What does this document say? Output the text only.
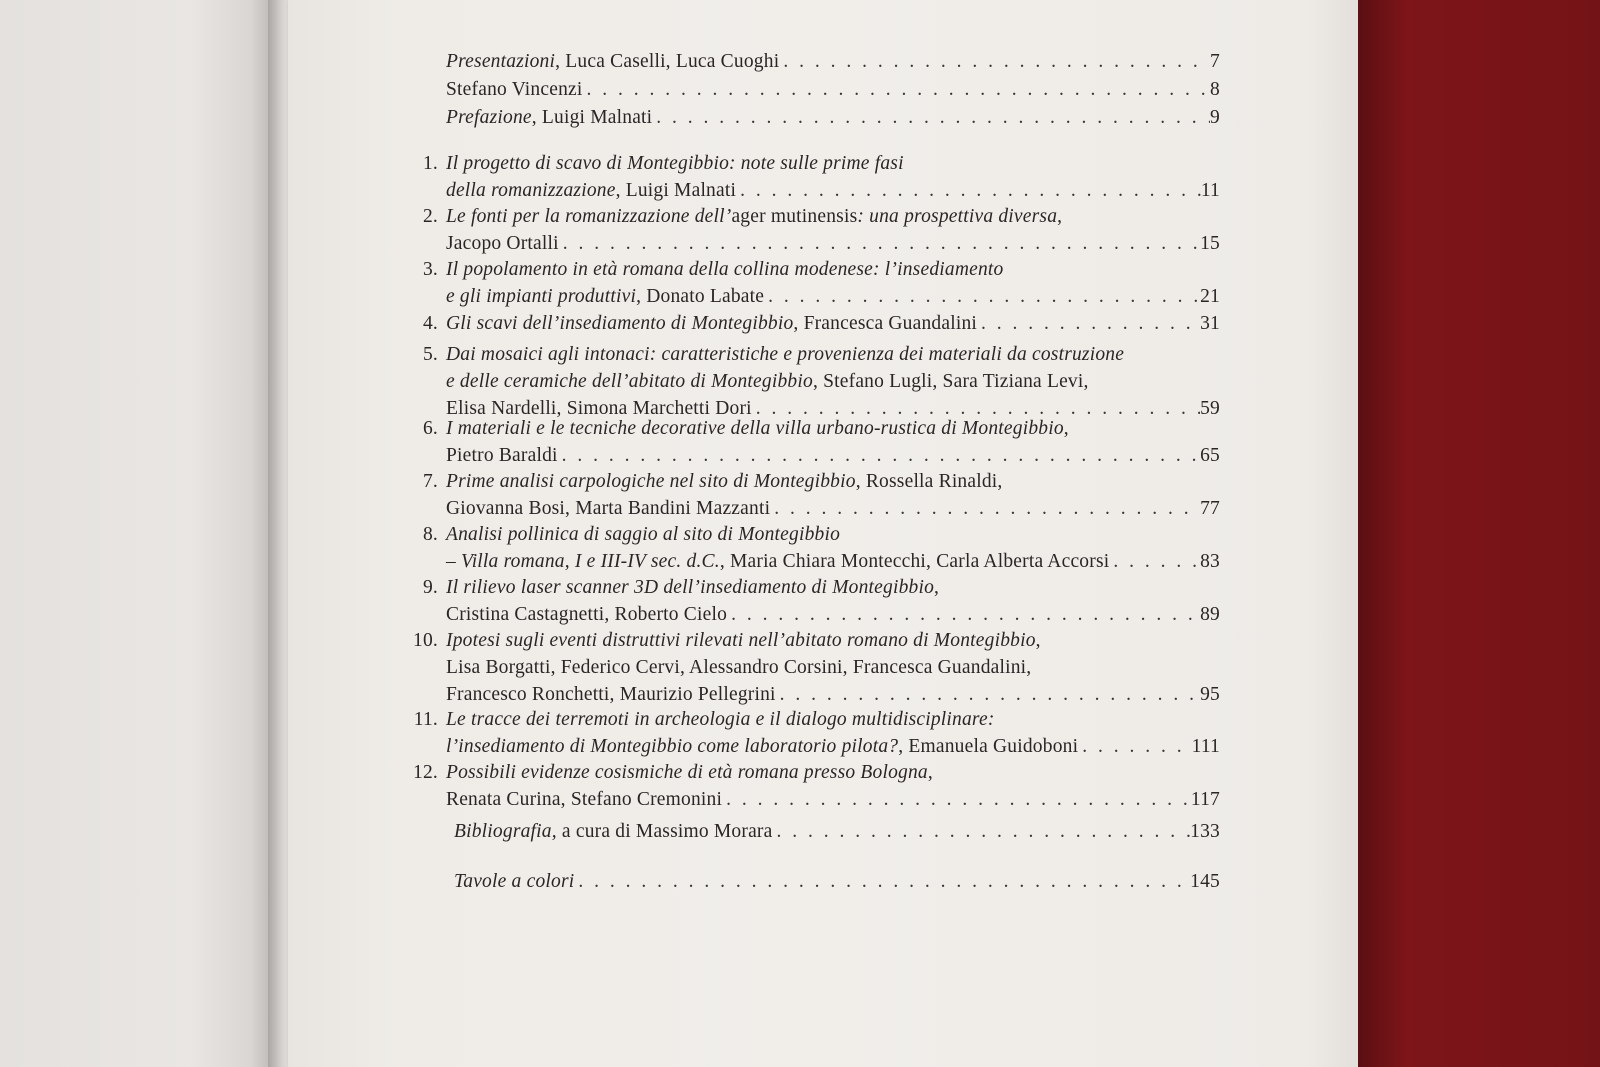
Presentazioni, Luca Caselli, Luca Cuoghi . . .	7
Stefano Vincenzi . . .	8
Prefazione, Luigi Malnati . . .	9
1. Il progetto di scavo di Montegibbio: note sulle prime fasi
della romanizzazione, Luigi Malnati . . .	11
2. Le fonti per la romanizzazione dell’ager mutinensis: una prospettiva diversa,
Jacopo Ortalli . . .	15
3. Il popolamento in età romana della collina modenese: l’insediamento
e gli impianti produttivi, Donato Labate . . .	21
4. Gli scavi dell’insediamento di Montegibbio, Francesca Guandalini . . .	31
5. Dai mosaici agli intonaci: caratteristiche e provenienza dei materiali da costruzione
e delle ceramiche dell’abitato di Montegibbio, Stefano Lugli, Sara Tiziana Levi,
Elisa Nardelli, Simona Marchetti Dori . . .	59
6. I materiali e le tecniche decorative della villa urbano-rustica di Montegibbio,
Pietro Baraldi . . .	65
7. Prime analisi carpologiche nel sito di Montegibbio, Rossella Rinaldi,
Giovanna Bosi, Marta Bandini Mazzanti . . .	77
8. Analisi pollinica di saggio al sito di Montegibbio
– Villa romana, I e III-IV sec. d.C., Maria Chiara Montecchi, Carla Alberta Accorsi . . .	83
9. Il rilievo laser scanner 3D dell’insediamento di Montegibbio,
Cristina Castagnetti, Roberto Cielo . . .	89
10. Ipotesi sugli eventi distruttivi rilevati nell’abitato romano di Montegibbio,
Lisa Borgatti, Federico Cervi, Alessandro Corsini, Francesca Guandalini,
Francesco Ronchetti, Maurizio Pellegrini . . .	95
11. Le tracce dei terremoti in archeologia e il dialogo multidisciplinare:
l’insediamento di Montegibbio come laboratorio pilota?, Emanuela Guidoboni . . .	111
12. Possibili evidenze cosismiche di età romana presso Bologna,
Renata Curina, Stefano Cremonini . . .	117
Bibliografia, a cura di Massimo Morara . . .	133
Tavole a colori . . .	145
